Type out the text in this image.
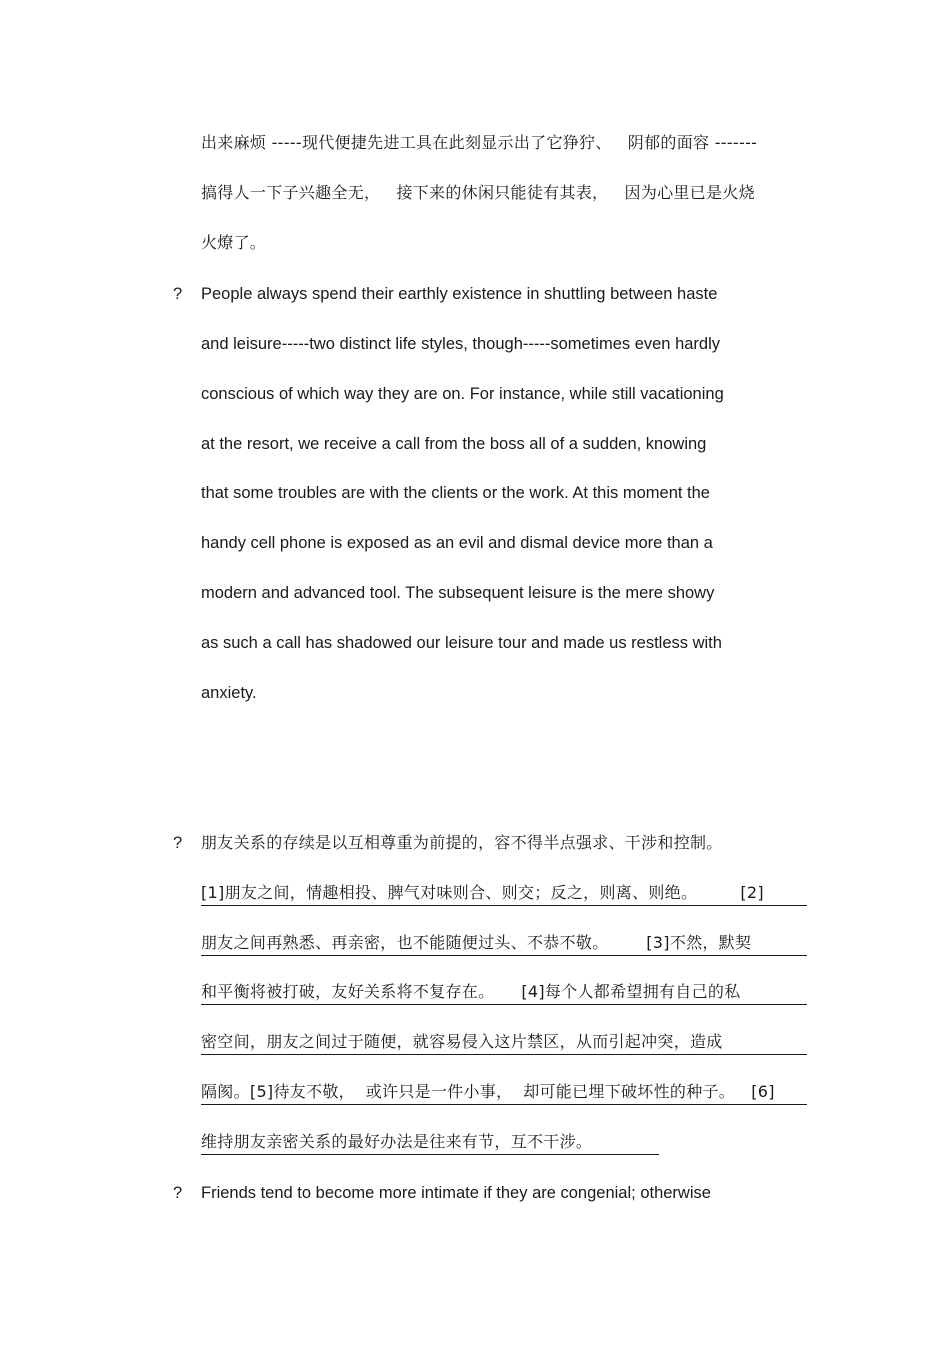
出来麻烦 -----现代便捷先进工具在此刻显示出了它狰狞、   阴郁的面容 -------
搞得人一下子兴趣全无，   接下来的休闲只能徒有其表，   因为心里已是火烧
火燎了。
? People always spend their earthly existence in shuttling between haste
and leisure-----two distinct life styles, though-----sometimes even hardly
conscious of which way they are on. For instance, while still vacationing
at the resort, we receive a call from the boss all of a sudden, knowing
that some troubles are with the clients or the work. At this moment the
handy cell phone is exposed as an evil and dismal device more than a
modern and advanced tool. The subsequent leisure is the mere showy
as such a call has shadowed our leisure tour and made us restless with
anxiety.
? 朋友关系的存续是以互相尊重为前提的，容不得半点强求、干涉和控制。
[1]朋友之间，情趣相投、脾气对味则合、则交；反之，则离、则绝。        [2]
朋友之间再熟悉、再亲密，也不能随便过头、不恭不敬。       [3]不然，默契
和平衡将被打破，友好关系将不复存在。     [4]每个人都希望拥有自己的私
密空间，朋友之间过于随便，就容易侵入这片禁区，从而引起冲突，造成
隔阂。[5]待友不敬，  或许只是一件小事，  却可能已埋下破坏性的种子。   [6]
维持朋友亲密关系的最好办法是往来有节，互不干涉。
? Friends tend to become more intimate if they are congenial; otherwise
